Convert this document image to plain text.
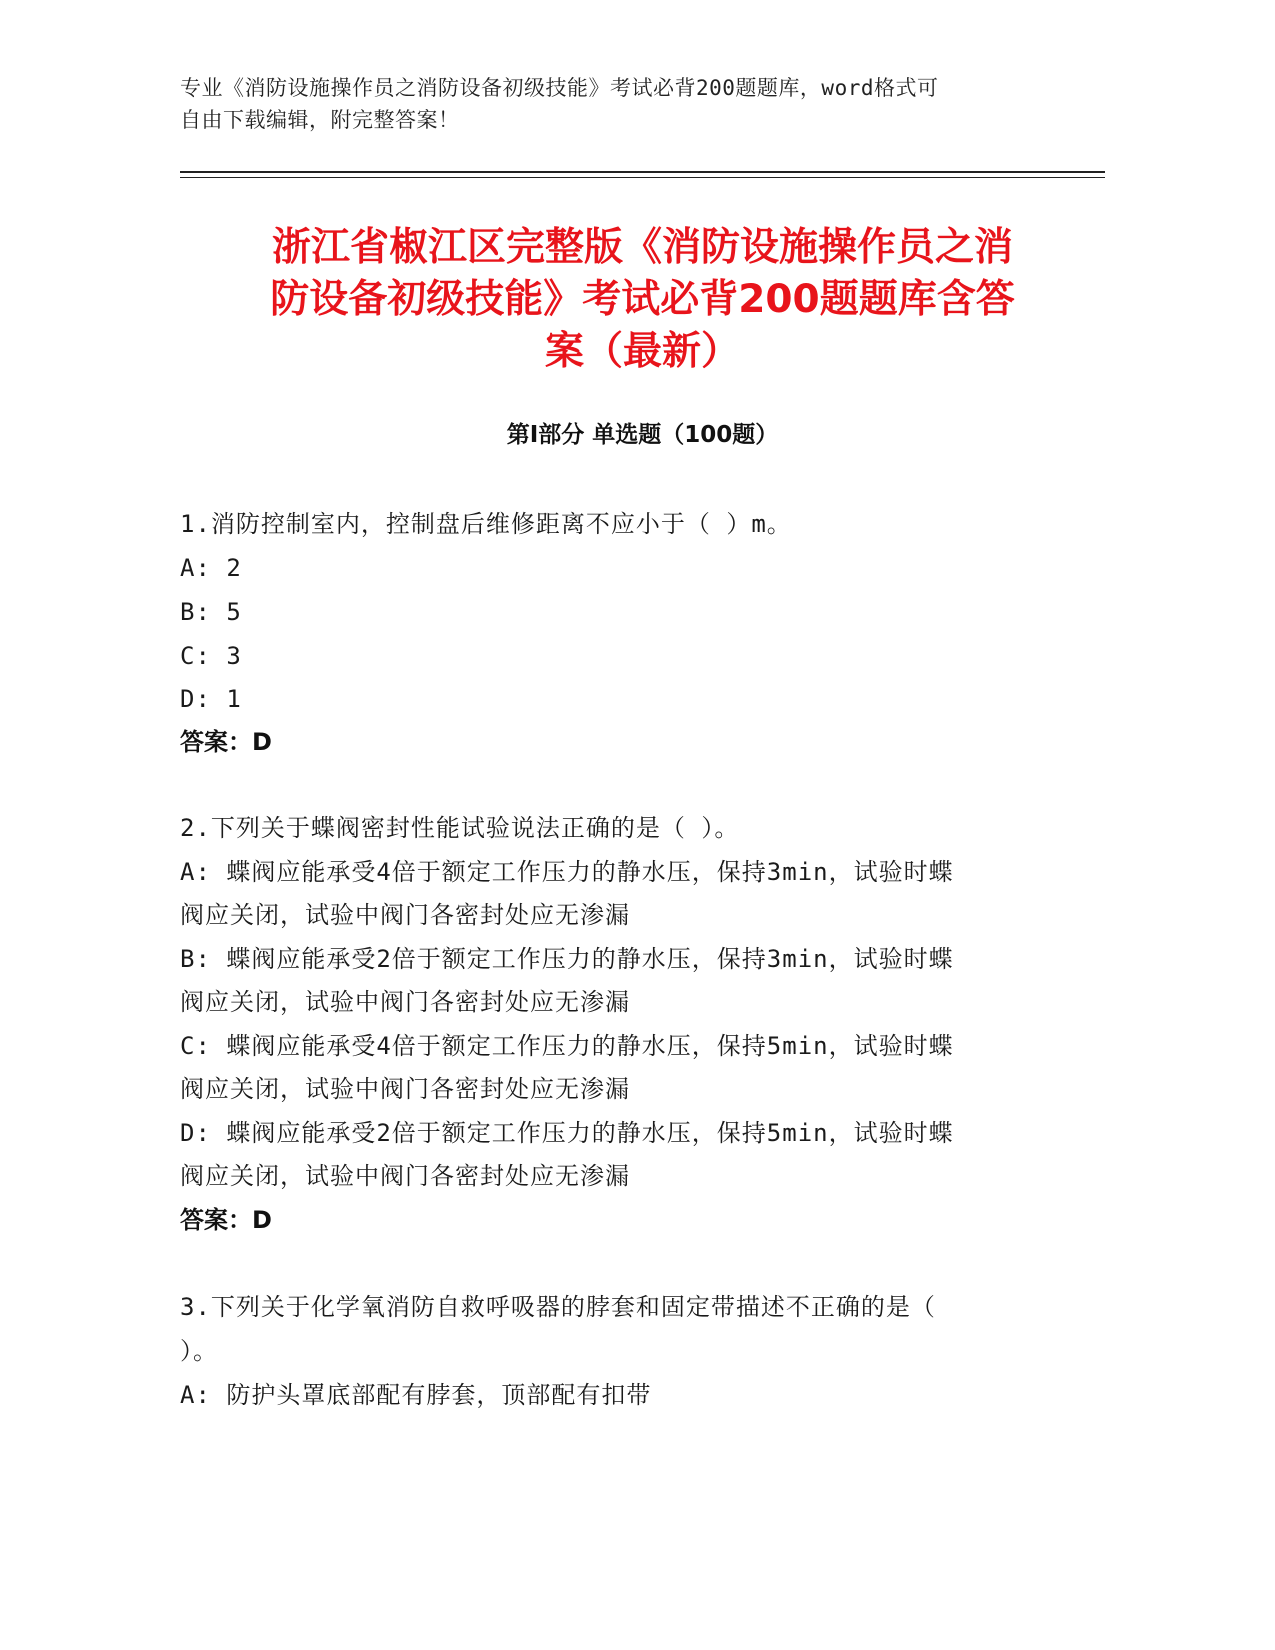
专业《消防设施操作员之消防设备初级技能》考试必背200题题库，word格式可
自由下载编辑，附完整答案！
浙江省椒江区完整版《消防设施操作员之消
防设备初级技能》考试必背200题题库含答
案（最新）
第Ⅰ部分 单选题（100题）
1.消防控制室内，控制盘后维修距离不应小于（ ）m。
A: 2
B: 5
C: 3
D: 1
答案：D
2.下列关于蝶阀密封性能试验说法正确的是（ ）。
A: 蝶阀应能承受4倍于额定工作压力的静水压，保持3min，试验时蝶
阀应关闭，试验中阀门各密封处应无渗漏
B: 蝶阀应能承受2倍于额定工作压力的静水压，保持3min，试验时蝶
阀应关闭，试验中阀门各密封处应无渗漏
C: 蝶阀应能承受4倍于额定工作压力的静水压，保持5min，试验时蝶
阀应关闭，试验中阀门各密封处应无渗漏
D: 蝶阀应能承受2倍于额定工作压力的静水压，保持5min，试验时蝶
阀应关闭，试验中阀门各密封处应无渗漏
答案：D
3.下列关于化学氧消防自救呼吸器的脖套和固定带描述不正确的是（
）。
A: 防护头罩底部配有脖套，顶部配有扣带
